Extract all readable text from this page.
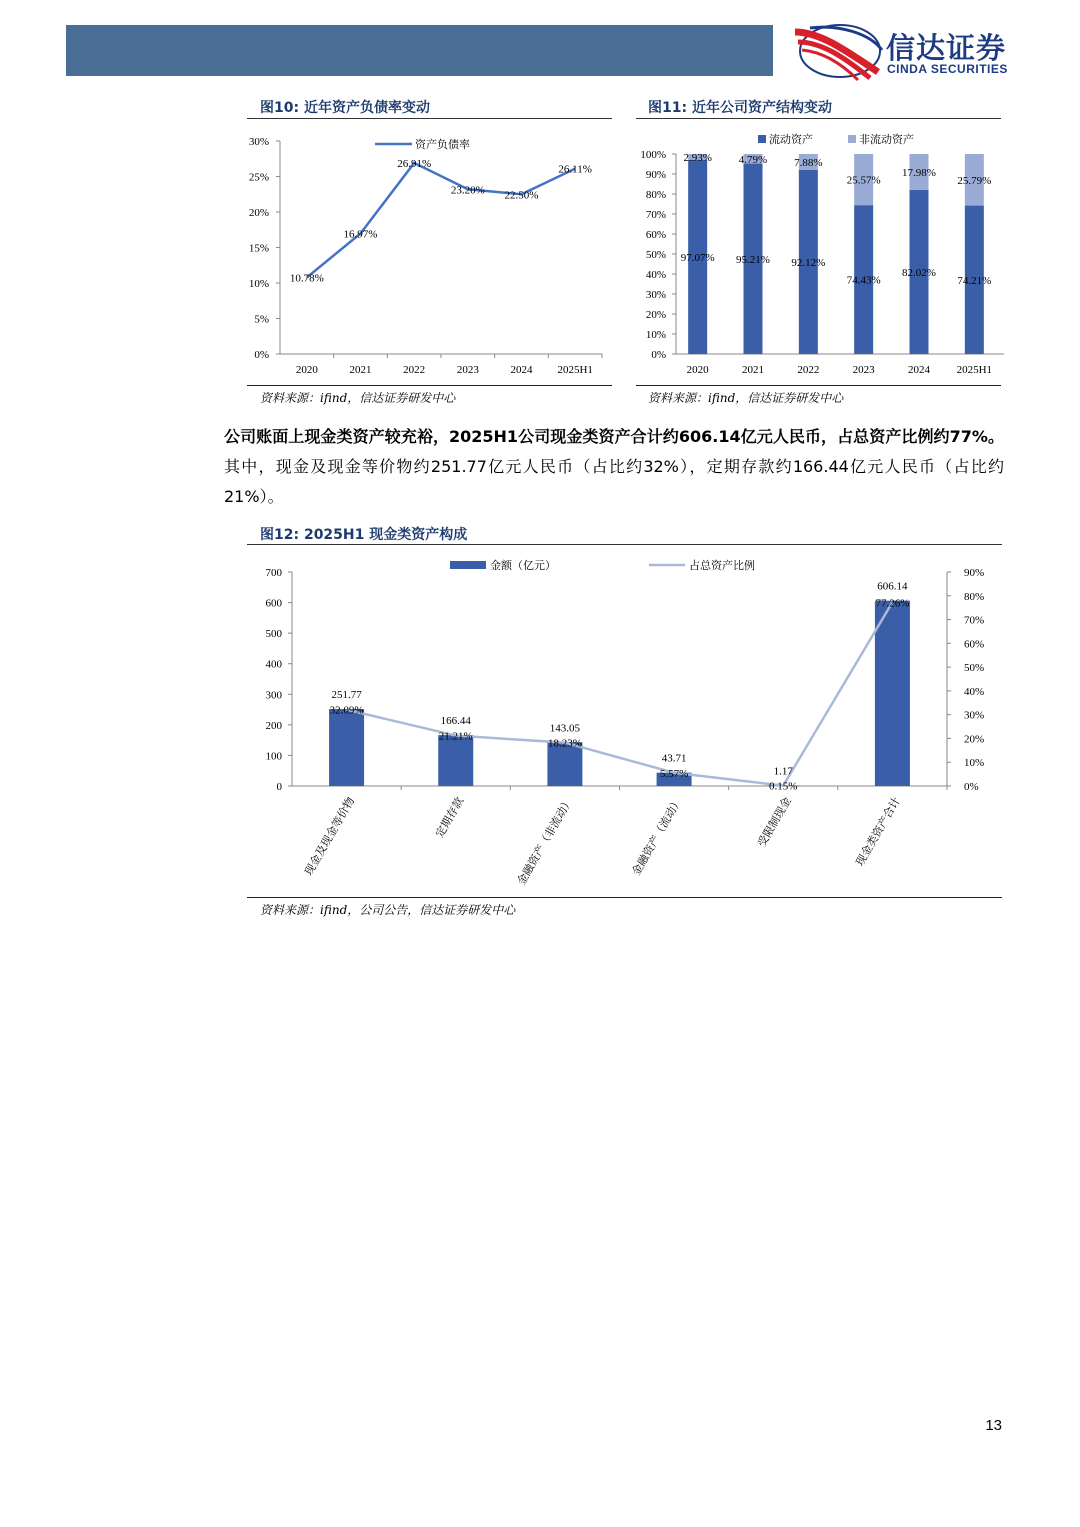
信达证券
CINDA SECURITIES
图10: 近年资产负债率变动
0%
5%
10%
15%
20%
25%
30%
2020	2021	2022	2023	2024 2025H1
资产负债率
10.78%
16.97%
26.91%
23.20% 22.50%
26.11%
资料来源：ifind，信达证券研发中心
图11: 近年公司资产结构变动
流动资产	非流动资产
0%
10%
20%
30%
40%
50%
60%
70%
80%
90%
100%
2020	2021	2022	2023	2024 2025H1
97.07%
2.93%
95.21%
4.79%
92.12%
7.88%
74.43%
25.57%
82.02%
17.98%
74.21%
25.79%
资料来源：ifind，信达证券研发中心
公司账面上现金类资产较充裕，2025H1公司现金类资产合计约606.14亿元人民币，占总资产比例约77%。其中，现金及现金等价物约251.77亿元人民币（占比约32%），定期存款约166.44亿元人民币（占比约21%）。
图12: 2025H1 现金类资产构成
金额（亿元）	占总资产比例
0
100
200
300
400
500
600
700
0%
10%
20%
30%
40%
50%
60%
70%
80%
90%
现金及现金等价物	定期存款	金融资产（非流动）	金融资产（流动）	受限制现金	现金类资产合计
251.77
32.09%
166.44
21.21%
143.05
18.23%
43.71
5.57%	1.17
0.15%
606.14
77.26%
资料来源：ifind，公司公告，信达证券研发中心
13
